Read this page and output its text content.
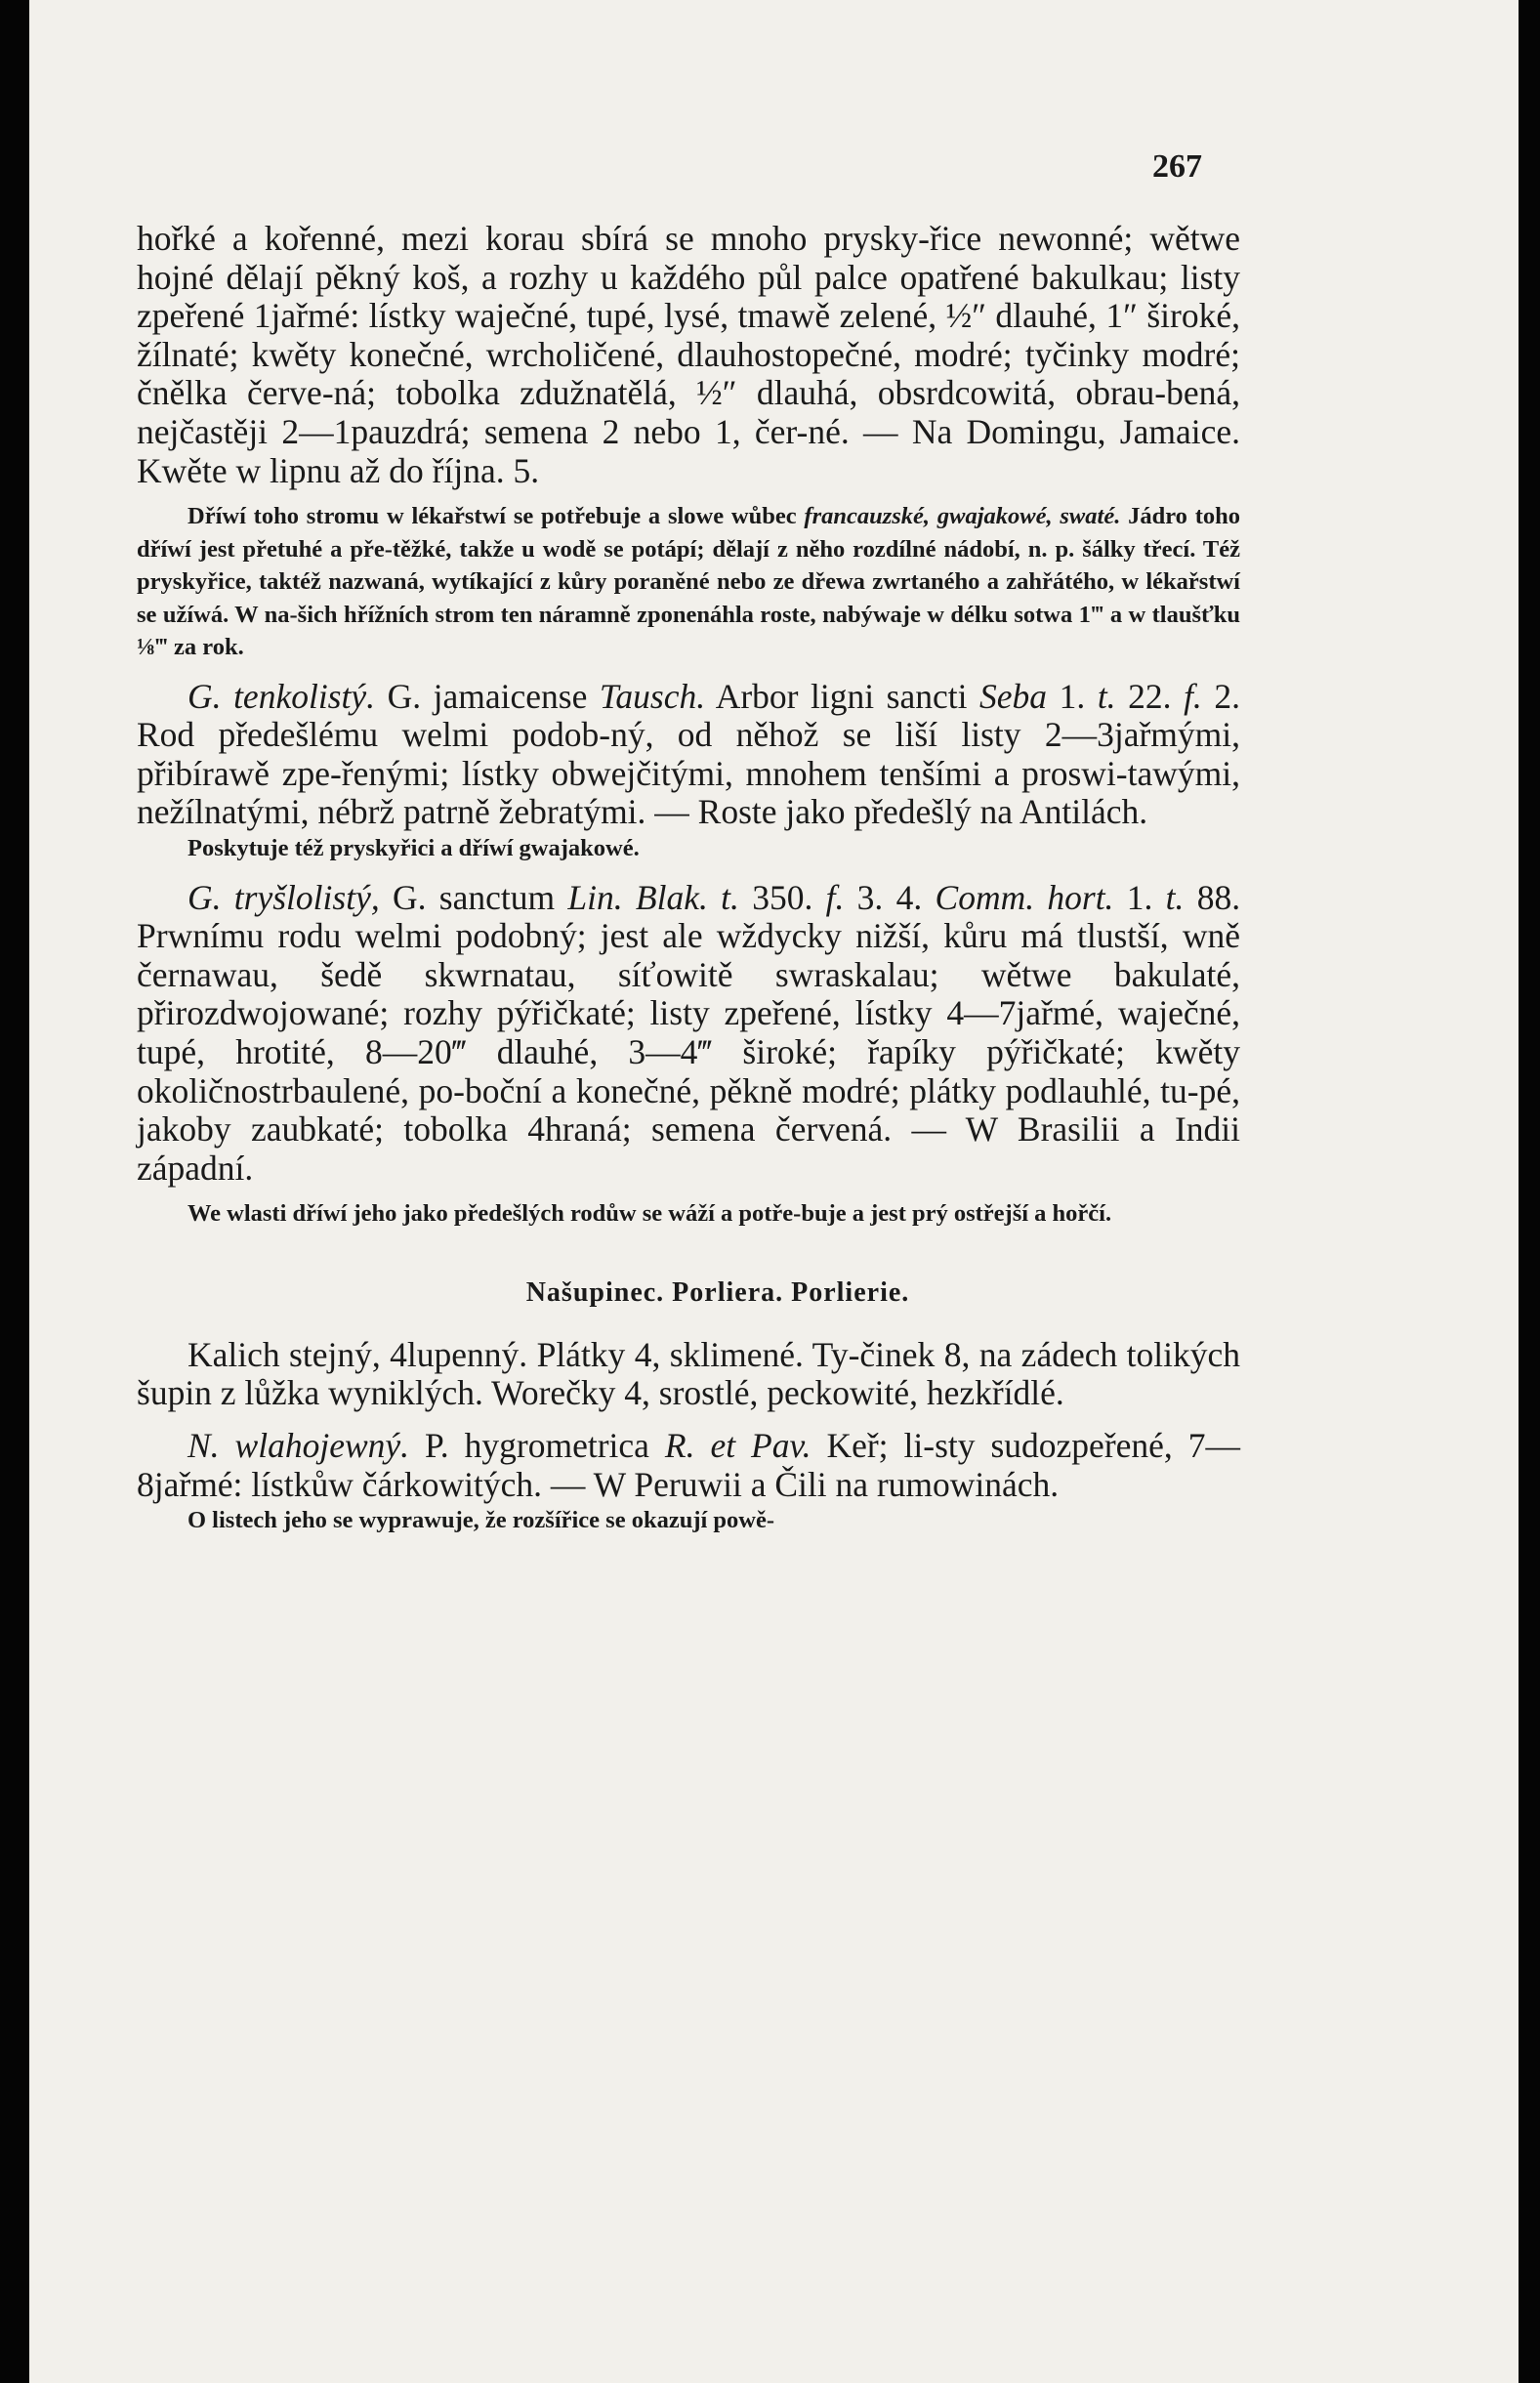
267

hořké a kořenné, mezi korau sbírá se mnoho prysky-řice newonné; wětwe hojné dělají pěkný koš, a rozhy u každého půl palce opatřené bakulkau; listy zpeřené 1jařmé: lístky waječné, tupé, lysé, tmawě zelené, ½″ dlauhé, 1″ široké, žílnaté; kwěty konečné, wrcholičené, dlauhostopečné, modré; tyčinky modré; čnělka červe-ná; tobolka zdužnatělá, ½″ dlauhá, obsrdcowitá, obrau-bená, nejčastěji 2—1pauzdrá; semena 2 nebo 1, čer-né. — Na Domingu, Jamaice. Kwěte w lipnu až do října. 5.

Dříwí toho stromu w lékařstwí se potřebuje a slowe wůbec francauzské, gwajakowé, swaté. Jádro toho dříwí jest přetuhé a pře-těžké, takže u wodě se potápí; dělají z něho rozdílné nádobí, n. p. šálky třecí. Též pryskyřice, taktéž nazwaná, wytíkající z kůry poraněné nebo ze dřewa zwrtaného a zahřátého, w lékařstwí se užíwá. W na-šich hřížních strom ten náramně zponenáhla roste, nabýwaje w délku sotwa 1‴ a w tlaušťku ⅛‴ za rok.

G. tenkolistý. G. jamaicense Tausch. Arbor ligni sancti Seba 1. t. 22. f. 2. Rod předešlému welmi podob-ný, od něhož se liší listy 2—3jařmými, přibírawě zpe-řenými; lístky obwejčitými, mnohem tenšími a proswi-tawými, nežílnatými, nébrž patrně žebratými. — Roste jako předešlý na Antilách.

Poskytuje též pryskyřici a dříwí gwajakowé.

G. tryšlolistý, G. sanctum Lin. Blak. t. 350. f. 3. 4. Comm. hort. 1. t. 88. Prwnímu rodu welmi podobný; jest ale wždycky nižší, kůru má tlustší, wně černawau, šedě skwrnatau, síťowitě swraskalau; wětwe bakulaté, přirozdwojowané; rozhy pýřičkaté; listy zpeřené, lístky 4—7jařmé, waječné, tupé, hrotité, 8—20‴ dlauhé, 3—4‴ široké; řapíky pýřičkaté; kwěty okoličnostrbaulené, po-boční a konečné, pěkně modré; plátky podlauhlé, tu-pé, jakoby zaubkaté; tobolka 4hraná; semena červená. — W Brasilii a Indii západní.

We wlasti dříwí jeho jako předešlých rodůw se wáží a potře-buje a jest prý ostřejší a hořčí.

Našupinec. Porliera. Porlierie.

Kalich stejný, 4lupenný. Plátky 4, sklimené. Ty-činek 8, na zádech tolikých šupin z lůžka wyniklých. Worečky 4, srostlé, peckowité, hezkřídlé.

N. wlahojewný. P. hygrometrica R. et Pav. Keř; li-sty sudozpeřené, 7—8jařmé: lístkůw čárkowitých. — W Peruwii a Čili na rumowinách.

O listech jeho se wyprawuje, že rozšířice se okazují powě-
